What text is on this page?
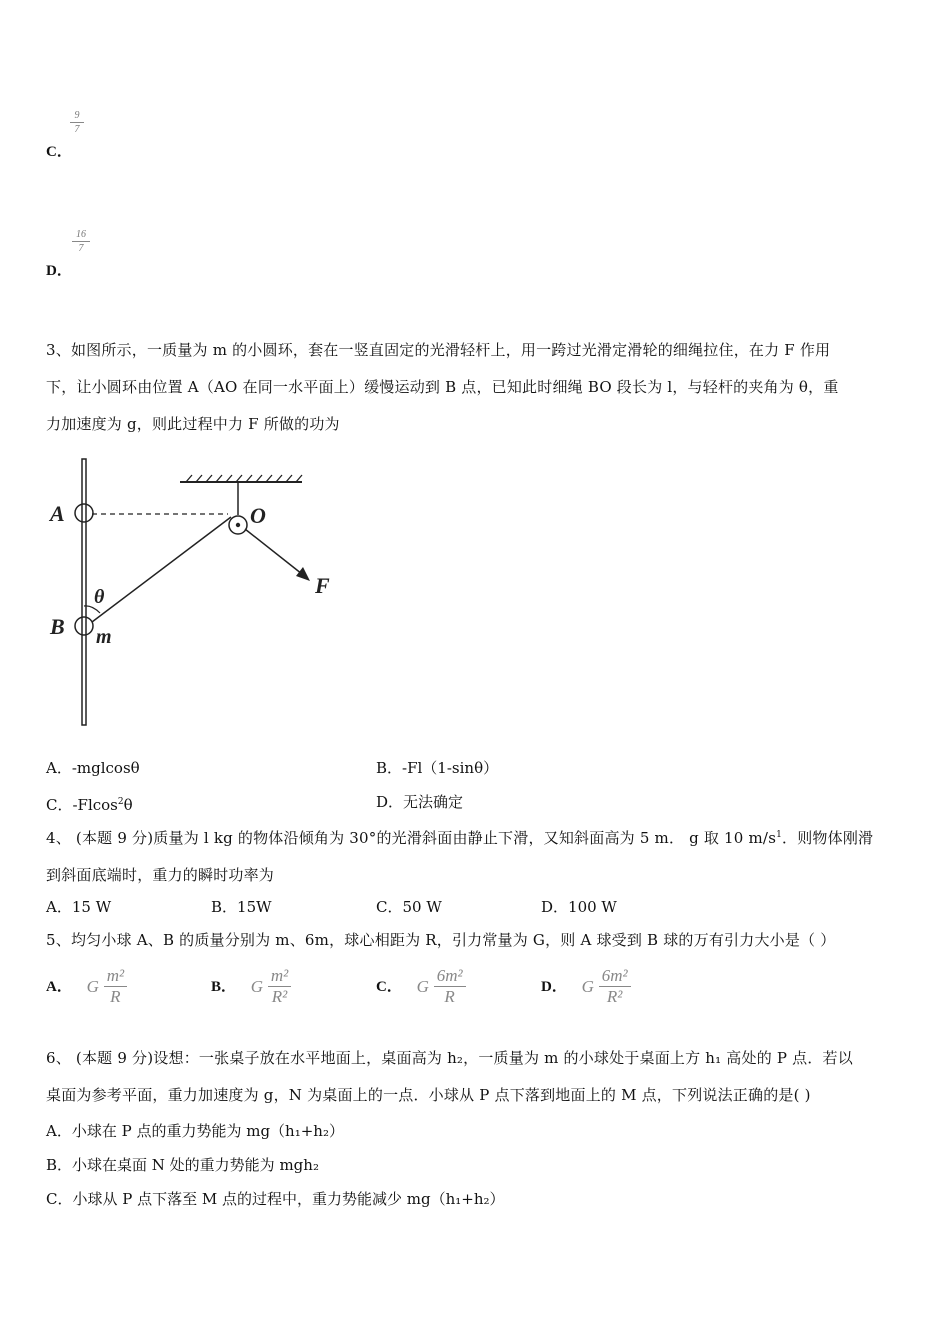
9
7
C．
16
7
D．
3、如图所示，一质量为 m 的小圆环，套在一竖直固定的光滑轻杆上，用一跨过光滑定滑轮的细绳拉住，在力 F 作用
下，让小圆环由位置 A（AO 在同一水平面上）缓慢运动到 B 点，已知此时细绳 BO 段长为 l，与轻杆的夹角为 θ，重
力加速度为 g，则此过程中力 F 所做的功为
A	O
F
θ
B m
A．-mglcosθ	B．-Fl（1-sinθ）
C．-Flcos$^2$θ	D．无法确定
4、 (本题 9 分)质量为 l kg 的物体沿倾角为 30°的光滑斜面由静止下滑，又知斜面高为 5 m． g 取 10 $m/s^1$．则物体刚滑
到斜面底端时，重力的瞬时功率为
A．15 W	B．15W	C．50 W	D．100 W
5、均匀小球 A、B 的质量分别为 m、6m，球心相距为 R，引力常量为 G，则 A 球受到 B 球的万有引力大小是（ ）
A． G $\frac{\text{m²}}{R}$	B． G $\frac{\text{m²}}{\text{R²}}$	C． G $\frac{\text{6m²}}{R}$	D． G $\frac{\text{6m²}}{\text{R²}}$
6、 (本题 9 分)设想：一张桌子放在水平地面上，桌面高为 h₂，一质量为 m 的小球处于桌面上方 h₁ 高处的 P 点．若以
桌面为参考平面，重力加速度为 g，N 为桌面上的一点．小球从 P 点下落到地面上的 M 点，下列说法正确的是( )
A．小球在 P 点的重力势能为 mg（h₁+h₂）
B．小球在桌面 N 处的重力势能为 mgh₂
C．小球从 P 点下落至 M 点的过程中，重力势能减少 mg（h₁+h₂）
